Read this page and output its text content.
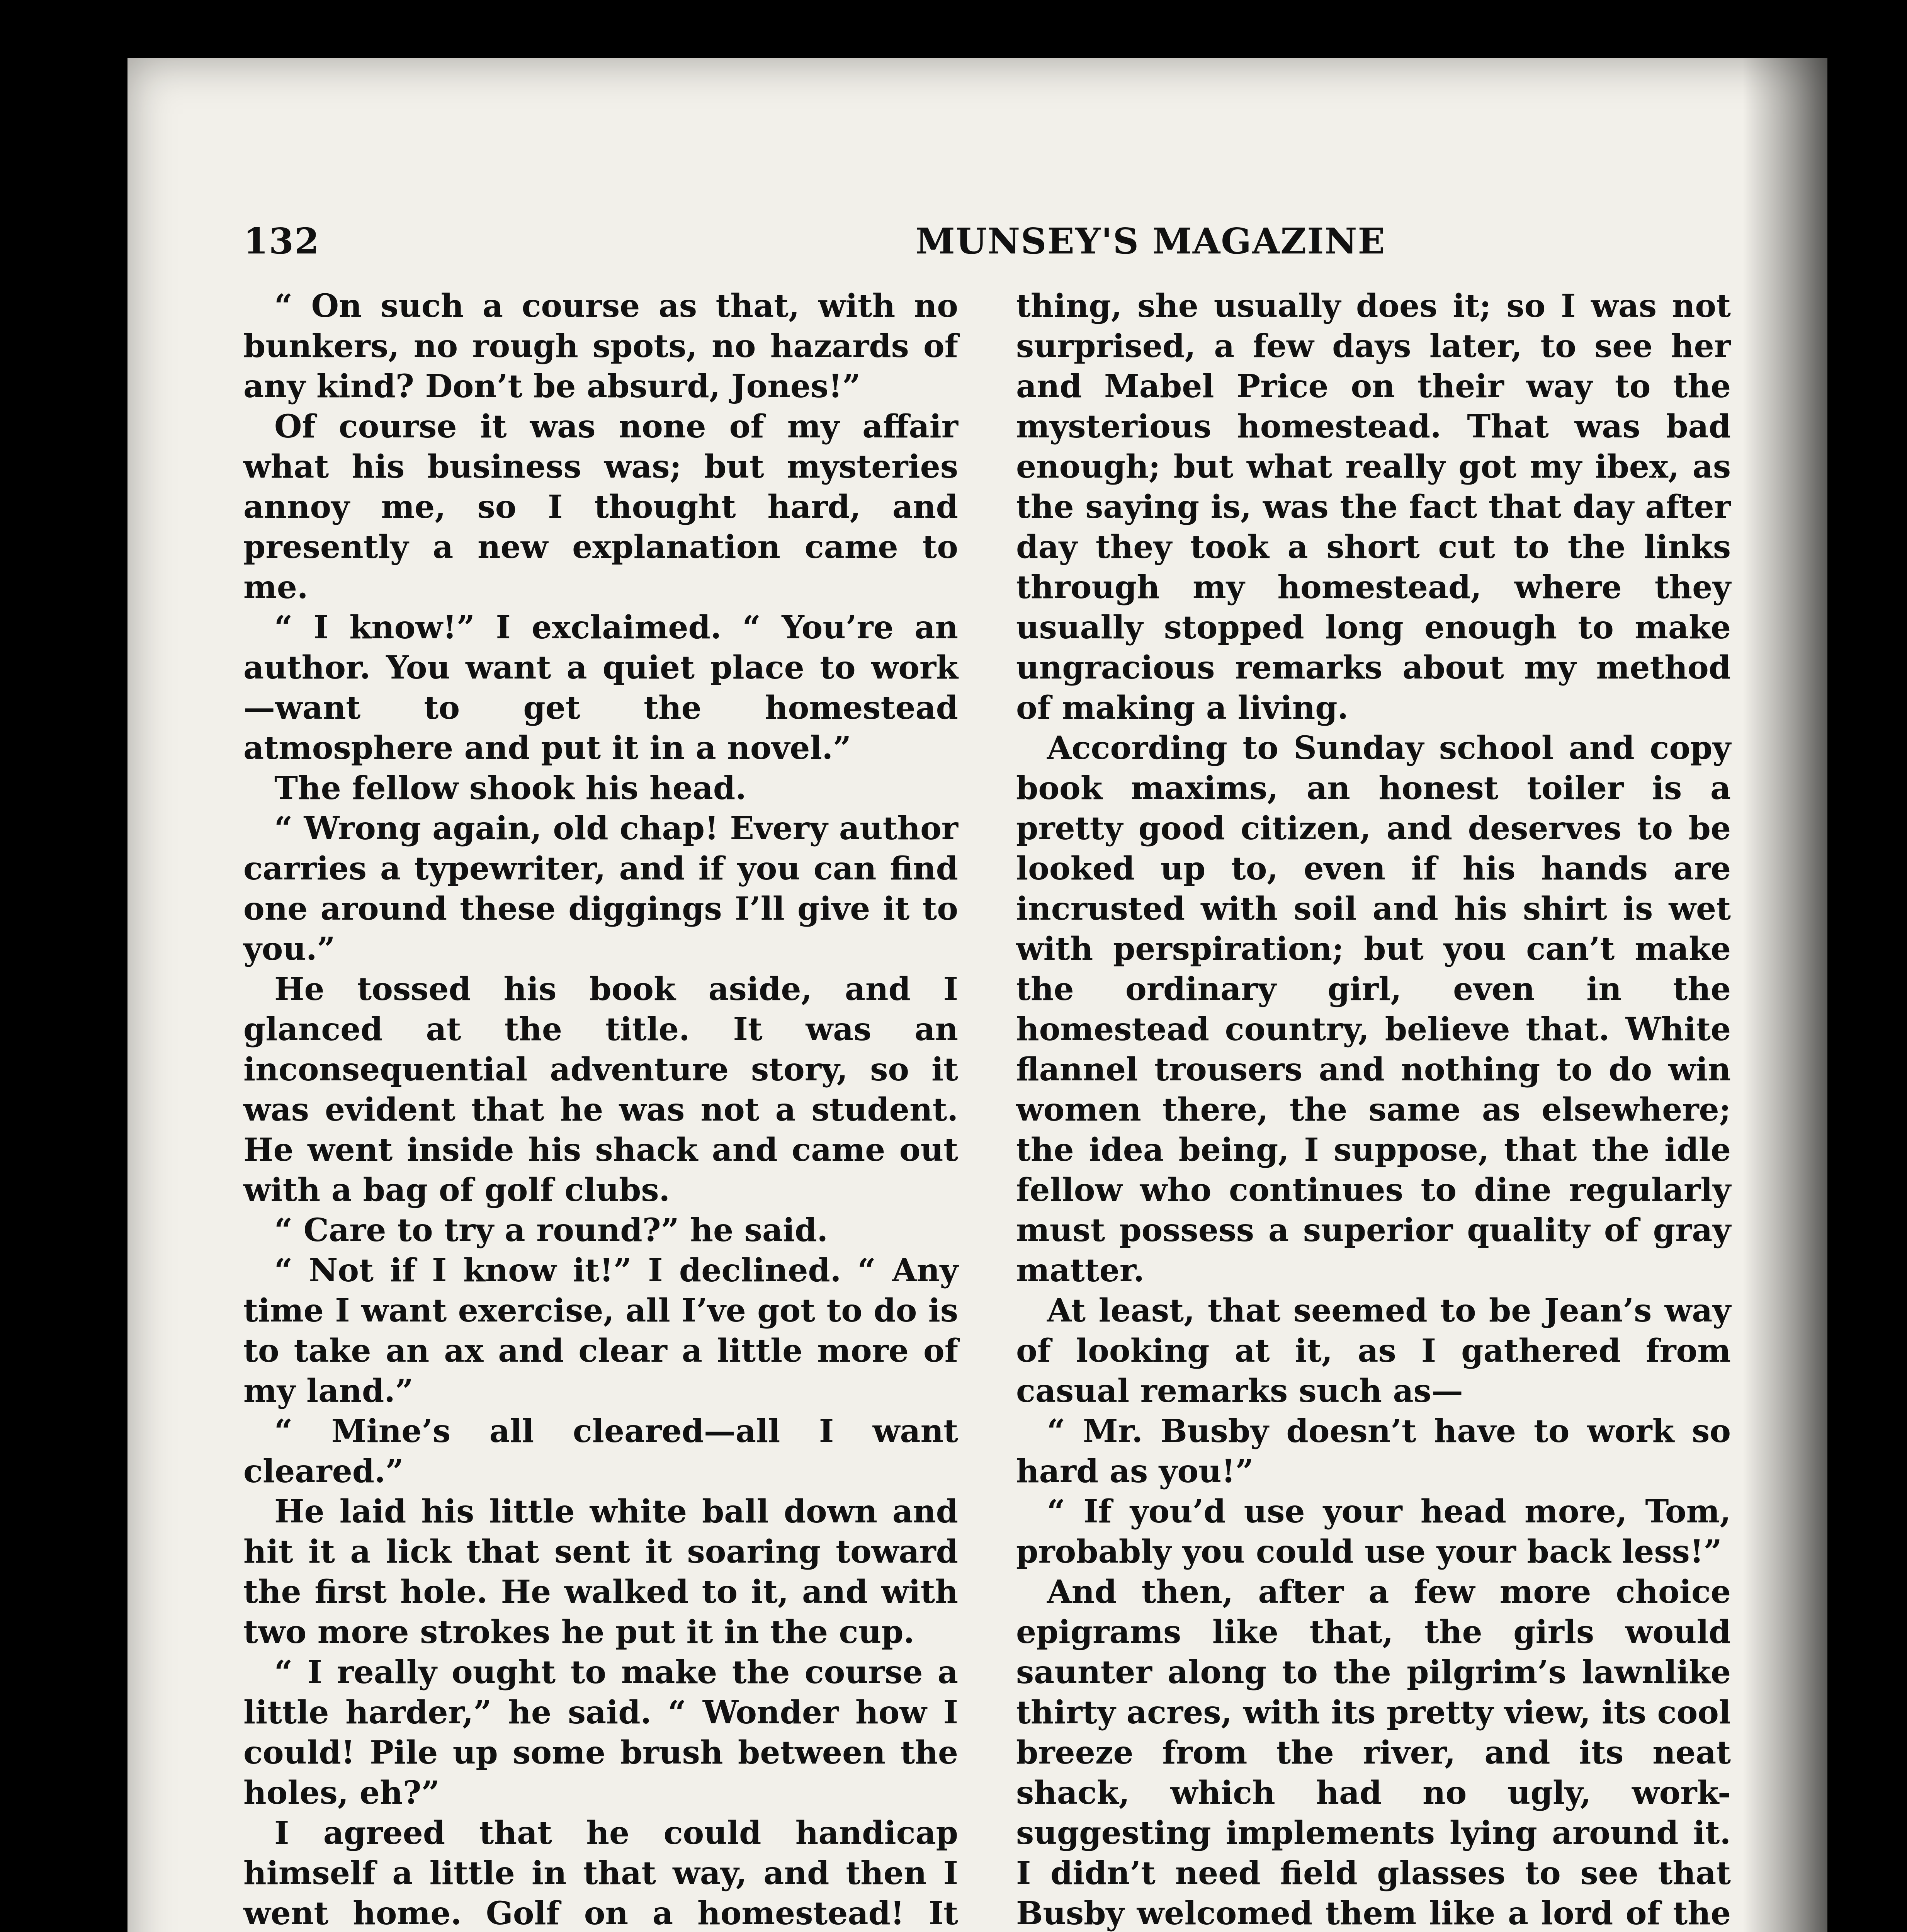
132	MUNSEY'S MAGAZINE

“ On such a course as that, with no bunkers, no rough spots, no hazards of any kind? Don’t be absurd, Jones!”

Of course it was none of my affair what his business was; but mysteries annoy me, so I thought hard, and presently a new explanation came to me.

“ I know!” I exclaimed. “ You’re an author. You want a quiet place to work—want to get the homestead atmosphere and put it in a novel.”

The fellow shook his head.

“ Wrong again, old chap! Every author carries a typewriter, and if you can find one around these diggings I’ll give it to you.”

He tossed his book aside, and I glanced at the title. It was an inconsequential adventure story, so it was evident that he was not a student. He went inside his shack and came out with a bag of golf clubs.

“ Care to try a round?” he said.

“ Not if I know it!” I declined. “ Any time I want exercise, all I’ve got to do is to take an ax and clear a little more of my land.”

“ Mine’s all cleared—all I want cleared.”

He laid his little white ball down and hit it a lick that sent it soaring toward the first hole. He walked to it, and with two more strokes he put it in the cup.

“ I really ought to make the course a little harder,” he said. “ Wonder how I could! Pile up some brush between the holes, eh?”

I agreed that he could handicap himself a little in that way, and then I went home. Golf on a homestead! It

thing, she usually does it; so I was not surprised, a few days later, to see her and Mabel Price on their way to the mysterious homestead. That was bad enough; but what really got my ibex, as the saying is, was the fact that day after day they took a short cut to the links through my homestead, where they usually stopped long enough to make ungracious remarks about my method of making a living.

According to Sunday school and copy book maxims, an honest toiler is a pretty good citizen, and deserves to be looked up to, even if his hands are incrusted with soil and his shirt is wet with perspiration; but you can’t make the ordinary girl, even in the homestead country, believe that. White flannel trousers and nothing to do win women there, the same as elsewhere; the idea being, I suppose, that the idle fellow who continues to dine regularly must possess a superior quality of gray matter.

At least, that seemed to be Jean’s way of looking at it, as I gathered from casual remarks such as—

“ Mr. Busby doesn’t have to work so hard as you!”

“ If you’d use your head more, Tom, probably you could use your back less!”

And then, after a few more choice epigrams like that, the girls would saunter along to the pilgrim’s lawnlike thirty acres, with its pretty view, its cool breeze from the river, and its neat shack, which had no ugly, work-suggesting implements lying around it. I didn’t need field glasses to see that Busby welcomed them like a lord of the
